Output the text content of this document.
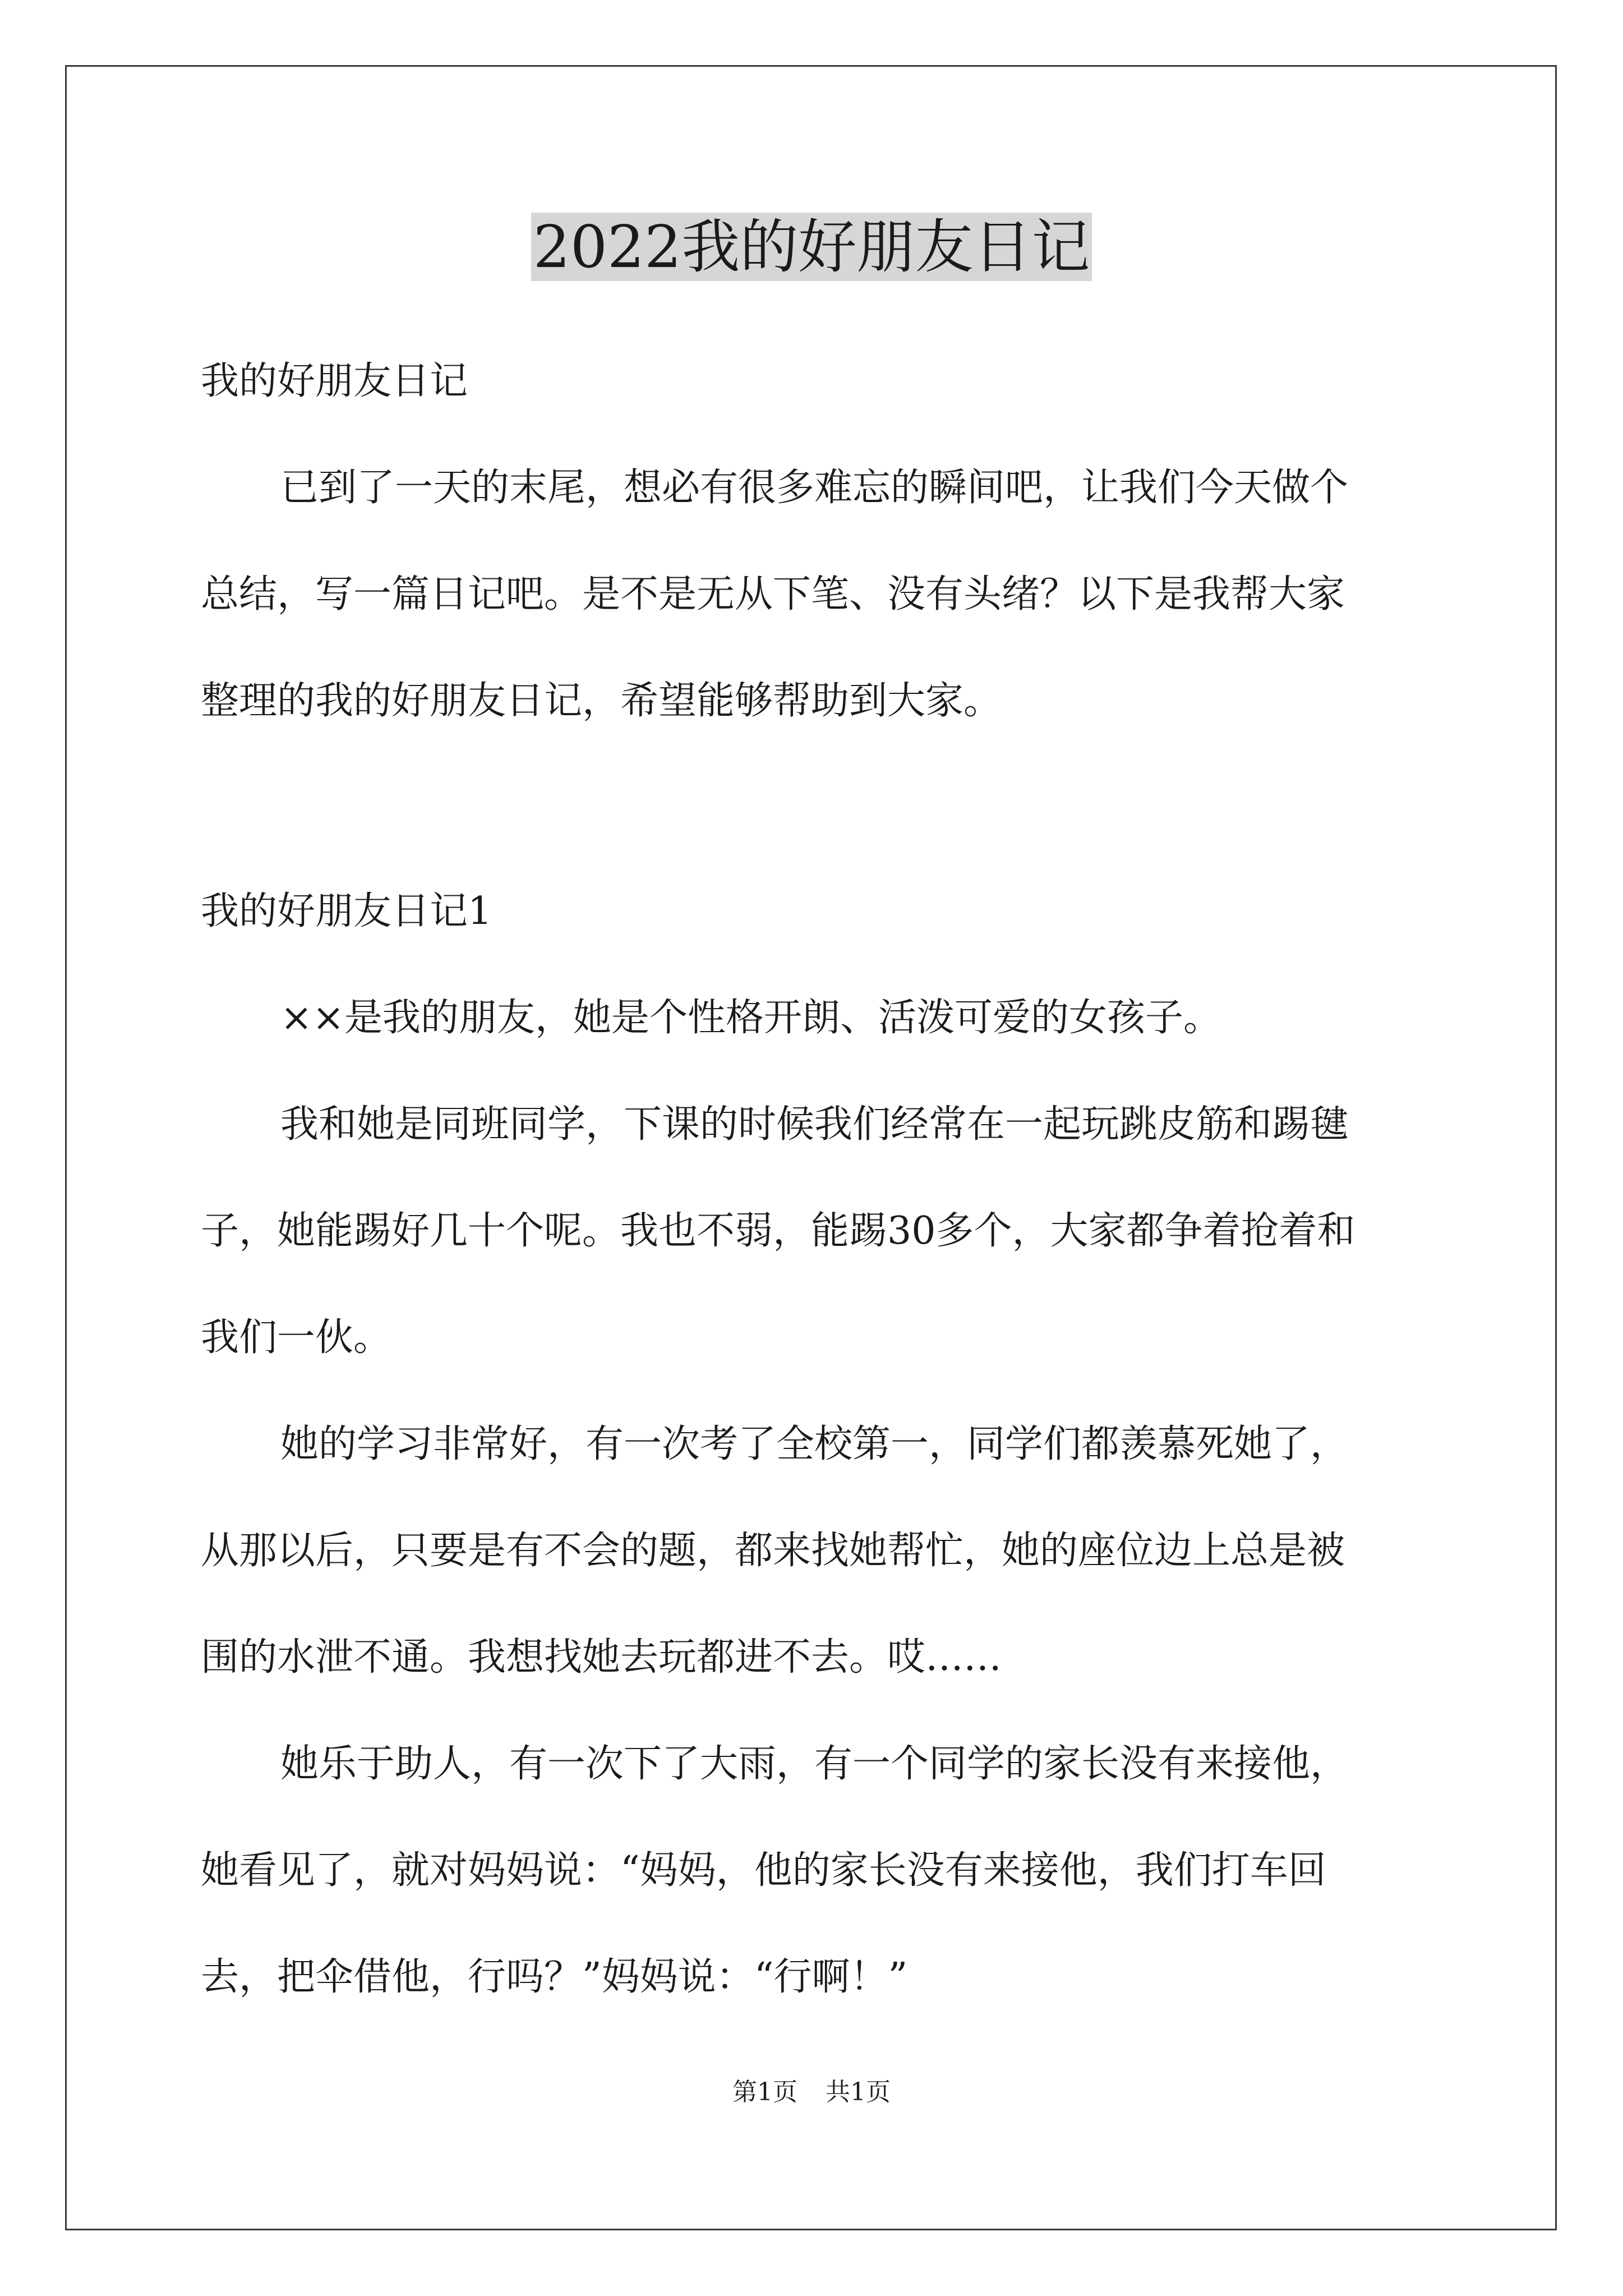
2022我的好朋友日记

我的好朋友日记

已到了一天的末尾，想必有很多难忘的瞬间吧，让我们今天做个

总结，写一篇日记吧。是不是无从下笔、没有头绪？以下是我帮大家

整理的我的好朋友日记，希望能够帮助到大家。

我的好朋友日记1

××是我的朋友，她是个性格开朗、活泼可爱的女孩子。

我和她是同班同学，下课的时候我们经常在一起玩跳皮筋和踢毽

子，她能踢好几十个呢。我也不弱，能踢30多个，大家都争着抢着和

我们一伙。

她的学习非常好，有一次考了全校第一，同学们都羡慕死她了，

从那以后，只要是有不会的题，都来找她帮忙，她的座位边上总是被

围的水泄不通。我想找她去玩都进不去。哎……

她乐于助人，有一次下了大雨，有一个同学的家长没有来接他，

她看见了，就对妈妈说：“妈妈，他的家长没有来接他，我们打车回

去，把伞借他，行吗？”妈妈说：“行啊！”

第1页 共1页
